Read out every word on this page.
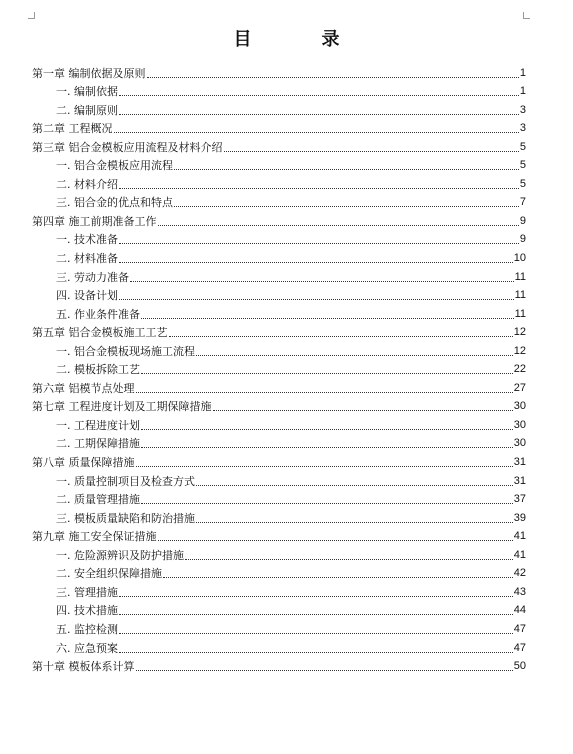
目　录
第一章 编制依据及原则	1
一. 编制依据	1
二. 编制原则	3
第二章 工程概况	3
第三章 铝合金模板应用流程及材料介绍	5
一. 铝合金模板应用流程	5
二. 材料介绍	5
三. 铝合金的优点和特点	7
第四章 施工前期准备工作	9
一. 技术准备	9
二. 材料准备	10
三. 劳动力准备	11
四. 设备计划	11
五. 作业条件准备	11
第五章 铝合金模板施工工艺	12
一. 铝合金模板现场施工流程	12
二. 模板拆除工艺	22
第六章 铝模节点处理	27
第七章 工程进度计划及工期保障措施	30
一. 工程进度计划	30
二. 工期保障措施	30
第八章 质量保障措施	31
一. 质量控制项目及检查方式	31
二. 质量管理措施	37
三. 模板质量缺陷和防治措施	39
第九章 施工安全保证措施	41
一. 危险源辨识及防护措施	41
二. 安全组织保障措施	42
三. 管理措施	43
四. 技术措施	44
五. 监控检测	47
六. 应急预案	47
第十章 模板体系计算	50
